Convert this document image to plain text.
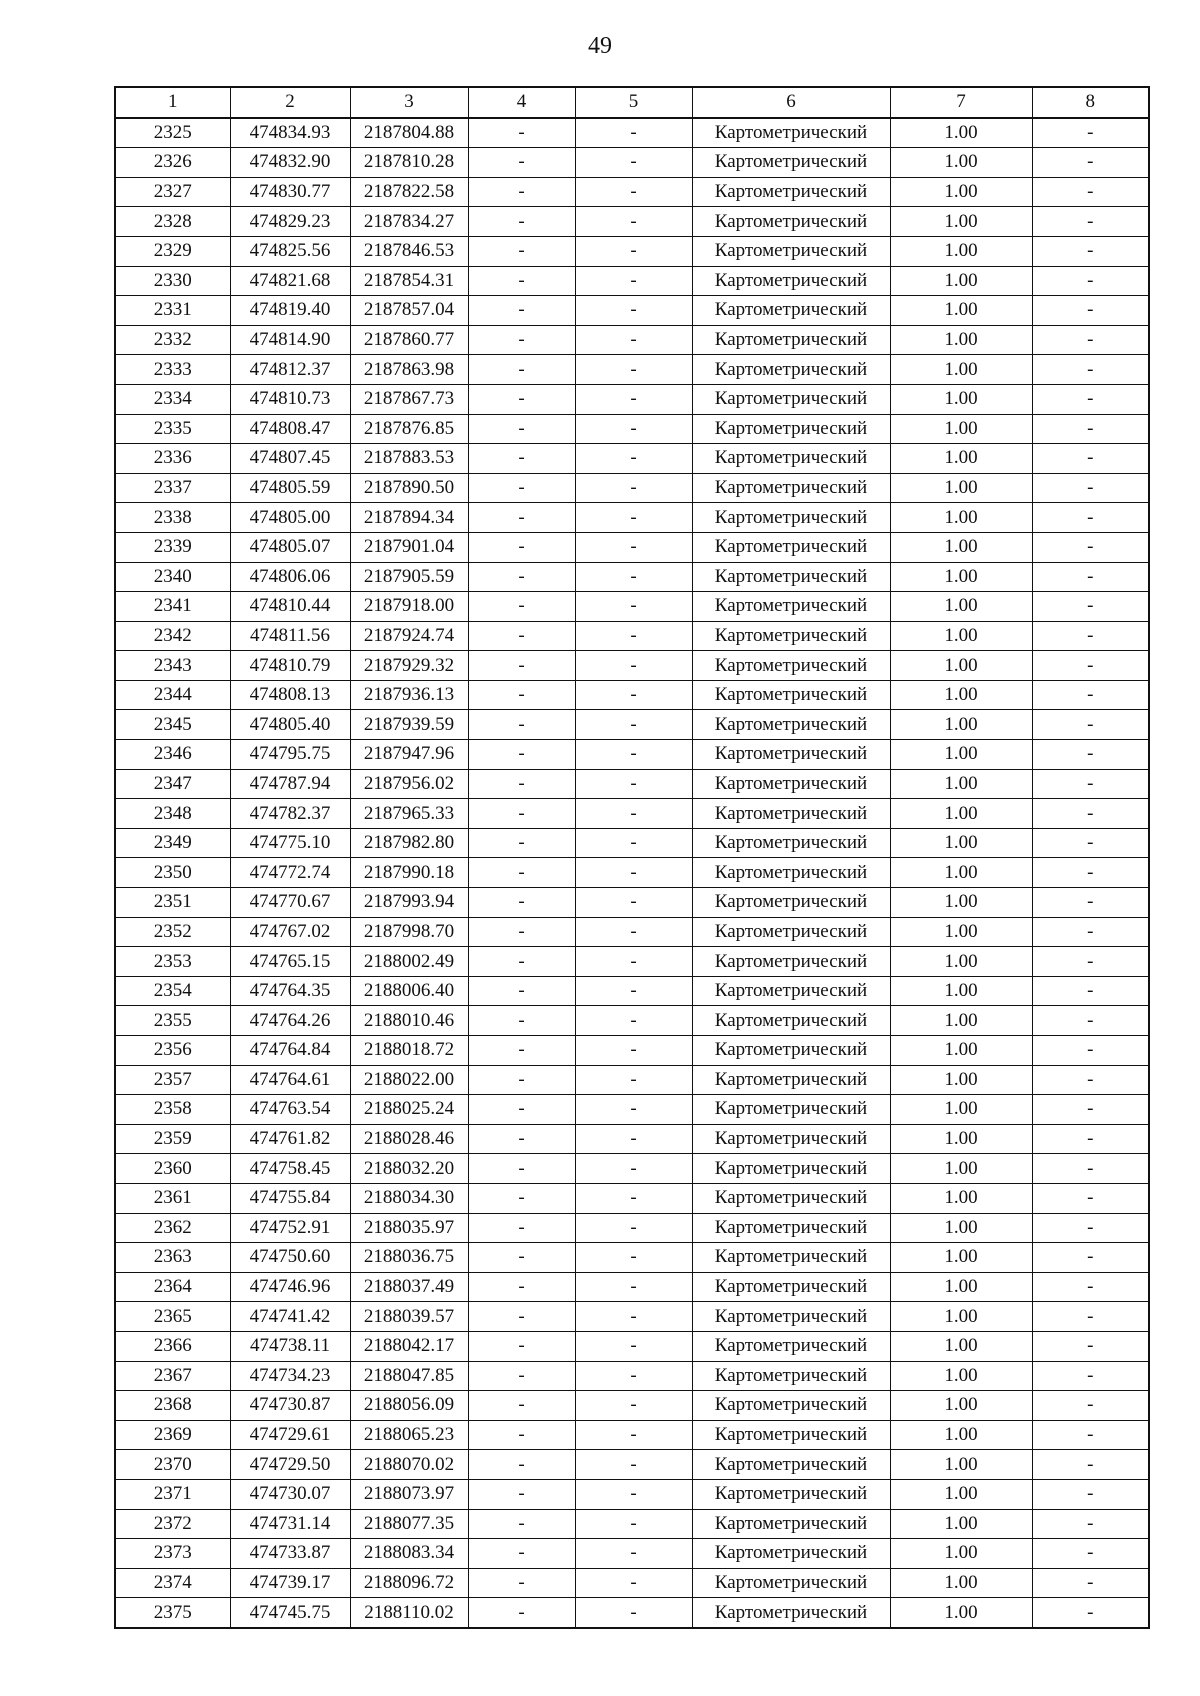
49
1	2	3	4	5	6	7	8
2325	474834.93	2187804.88	-	-	Картометрический	1.00	-
2326	474832.90	2187810.28	-	-	Картометрический	1.00	-
2327	474830.77	2187822.58	-	-	Картометрический	1.00	-
2328	474829.23	2187834.27	-	-	Картометрический	1.00	-
2329	474825.56	2187846.53	-	-	Картометрический	1.00	-
2330	474821.68	2187854.31	-	-	Картометрический	1.00	-
2331	474819.40	2187857.04	-	-	Картометрический	1.00	-
2332	474814.90	2187860.77	-	-	Картометрический	1.00	-
2333	474812.37	2187863.98	-	-	Картометрический	1.00	-
2334	474810.73	2187867.73	-	-	Картометрический	1.00	-
2335	474808.47	2187876.85	-	-	Картометрический	1.00	-
2336	474807.45	2187883.53	-	-	Картометрический	1.00	-
2337	474805.59	2187890.50	-	-	Картометрический	1.00	-
2338	474805.00	2187894.34	-	-	Картометрический	1.00	-
2339	474805.07	2187901.04	-	-	Картометрический	1.00	-
2340	474806.06	2187905.59	-	-	Картометрический	1.00	-
2341	474810.44	2187918.00	-	-	Картометрический	1.00	-
2342	474811.56	2187924.74	-	-	Картометрический	1.00	-
2343	474810.79	2187929.32	-	-	Картометрический	1.00	-
2344	474808.13	2187936.13	-	-	Картометрический	1.00	-
2345	474805.40	2187939.59	-	-	Картометрический	1.00	-
2346	474795.75	2187947.96	-	-	Картометрический	1.00	-
2347	474787.94	2187956.02	-	-	Картометрический	1.00	-
2348	474782.37	2187965.33	-	-	Картометрический	1.00	-
2349	474775.10	2187982.80	-	-	Картометрический	1.00	-
2350	474772.74	2187990.18	-	-	Картометрический	1.00	-
2351	474770.67	2187993.94	-	-	Картометрический	1.00	-
2352	474767.02	2187998.70	-	-	Картометрический	1.00	-
2353	474765.15	2188002.49	-	-	Картометрический	1.00	-
2354	474764.35	2188006.40	-	-	Картометрический	1.00	-
2355	474764.26	2188010.46	-	-	Картометрический	1.00	-
2356	474764.84	2188018.72	-	-	Картометрический	1.00	-
2357	474764.61	2188022.00	-	-	Картометрический	1.00	-
2358	474763.54	2188025.24	-	-	Картометрический	1.00	-
2359	474761.82	2188028.46	-	-	Картометрический	1.00	-
2360	474758.45	2188032.20	-	-	Картометрический	1.00	-
2361	474755.84	2188034.30	-	-	Картометрический	1.00	-
2362	474752.91	2188035.97	-	-	Картометрический	1.00	-
2363	474750.60	2188036.75	-	-	Картометрический	1.00	-
2364	474746.96	2188037.49	-	-	Картометрический	1.00	-
2365	474741.42	2188039.57	-	-	Картометрический	1.00	-
2366	474738.11	2188042.17	-	-	Картометрический	1.00	-
2367	474734.23	2188047.85	-	-	Картометрический	1.00	-
2368	474730.87	2188056.09	-	-	Картометрический	1.00	-
2369	474729.61	2188065.23	-	-	Картометрический	1.00	-
2370	474729.50	2188070.02	-	-	Картометрический	1.00	-
2371	474730.07	2188073.97	-	-	Картометрический	1.00	-
2372	474731.14	2188077.35	-	-	Картометрический	1.00	-
2373	474733.87	2188083.34	-	-	Картометрический	1.00	-
2374	474739.17	2188096.72	-	-	Картометрический	1.00	-
2375	474745.75	2188110.02	-	-	Картометрический	1.00	-
